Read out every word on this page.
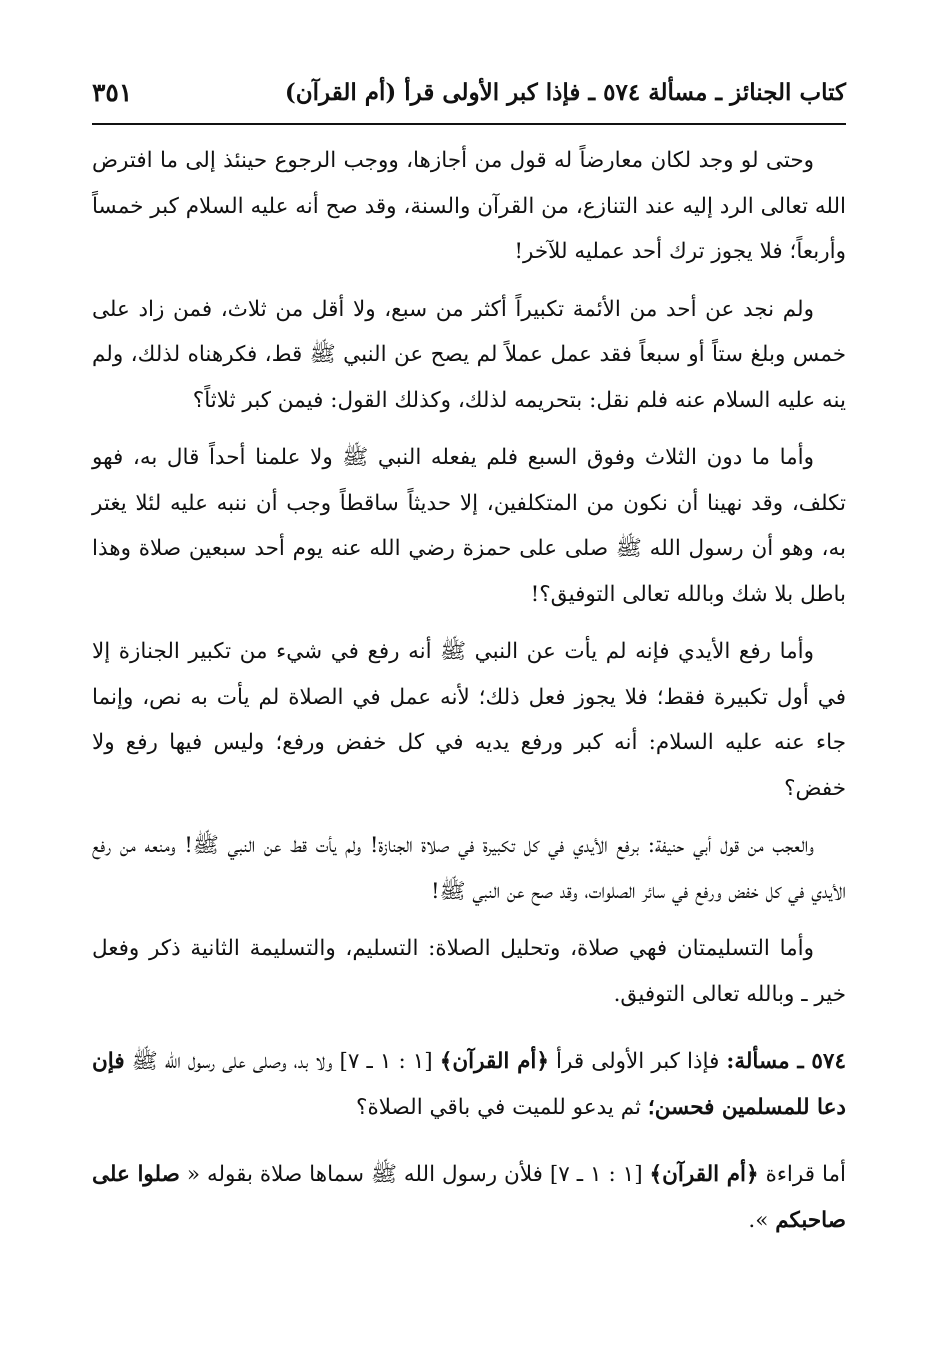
كتاب الجنائز ـ مسألة ٥٧٤ ـ فإذا كبر الأولى قرأ (أم القرآن)
٣٥١

وحتى لو وجد لكان معارضاً له قول من أجازها، ووجب الرجوع حينئذ إلى ما افترض الله تعالى الرد إليه عند التنازع، من القرآن والسنة، وقد صح أنه عليه السلام كبر خمساً وأربعاً؛ فلا يجوز ترك أحد عمليه للآخر!

ولم نجد عن أحد من الأئمة تكبيراً أكثر من سبع، ولا أقل من ثلاث، فمن زاد على خمس وبلغ ستاً أو سبعاً فقد عمل عملاً لم يصح عن النبي ﷺ قط، فكرهناه لذلك، ولم ينه عليه السلام عنه فلم نقل: بتحريمه لذلك، وكذلك القول: فيمن كبر ثلاثاً؟

وأما ما دون الثلاث وفوق السبع فلم يفعله النبي ﷺ ولا علمنا أحداً قال به، فهو تكلف، وقد نهينا أن نكون من المتكلفين، إلا حديثاً ساقطاً وجب أن ننبه عليه لئلا يغتر به، وهو أن رسول الله ﷺ صلى على حمزة رضي الله عنه يوم أحد سبعين صلاة وهذا باطل بلا شك وبالله تعالى التوفيق؟!

وأما رفع الأيدي فإنه لم يأت عن النبي ﷺ أنه رفع في شيء من تكبير الجنازة إلا في أول تكبيرة فقط؛ فلا يجوز فعل ذلك؛ لأنه عمل في الصلاة لم يأت به نص، وإنما جاء عنه عليه السلام: أنه كبر ورفع يديه في كل خفض ورفع؛ وليس فيها رفع ولا خفض؟

والعجب من قول أبي حنيفة: برفع الأيدي في كل تكبيرة في صلاة الجنازة! ولم يأت قط عن النبي ﷺ! ومنعه من رفع الأيدي في كل خفض ورفع في سائر الصلوات، وقد صح عن النبي ﷺ!

وأما التسليمتان فهي صلاة، وتحليل الصلاة: التسليم، والتسليمة الثانية ذكر وفعل خير ـ وبالله تعالى التوفيق.

٥٧٤ ـ مسألة: فإذا كبر الأولى قرأ ﴿أم القرآن﴾ [١ : ١ ـ ٧] ولا بد، وصلى على رسول الله ﷺ فإن دعا للمسلمين فحسن؛ ثم يدعو للميت في باقي الصلاة؟

أما قراءة ﴿أم القرآن﴾ [١ : ١ ـ ٧] فلأن رسول الله ﷺ سماها صلاة بقوله « صلوا على صاحبكم ».
